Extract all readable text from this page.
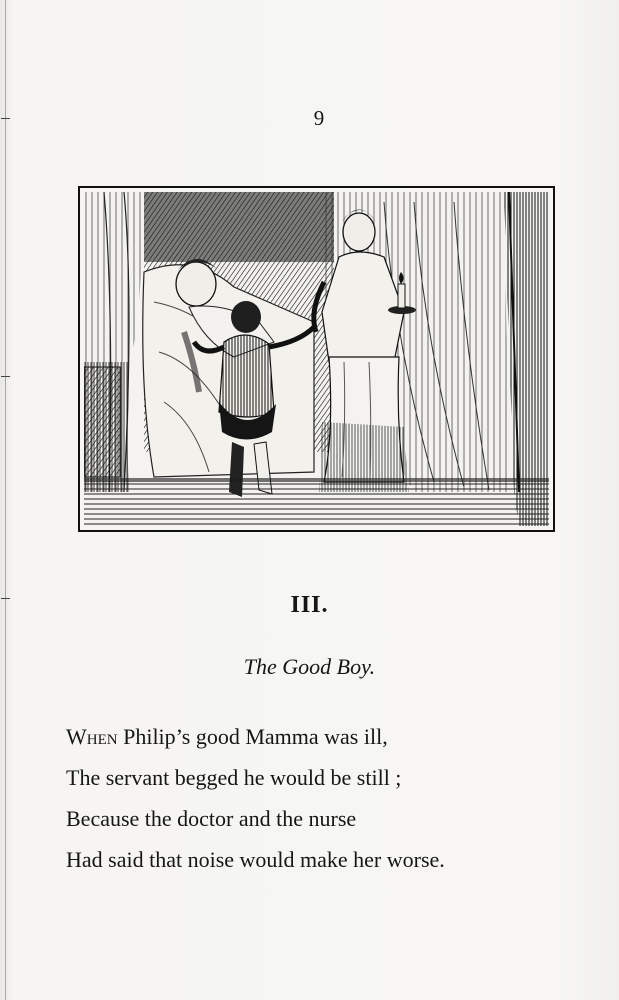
9
III.
The Good Boy.
When Philip’s good Mamma was ill,
The servant begged he would be still ;
Because the doctor and the nurse
Had said that noise would make her worse.
